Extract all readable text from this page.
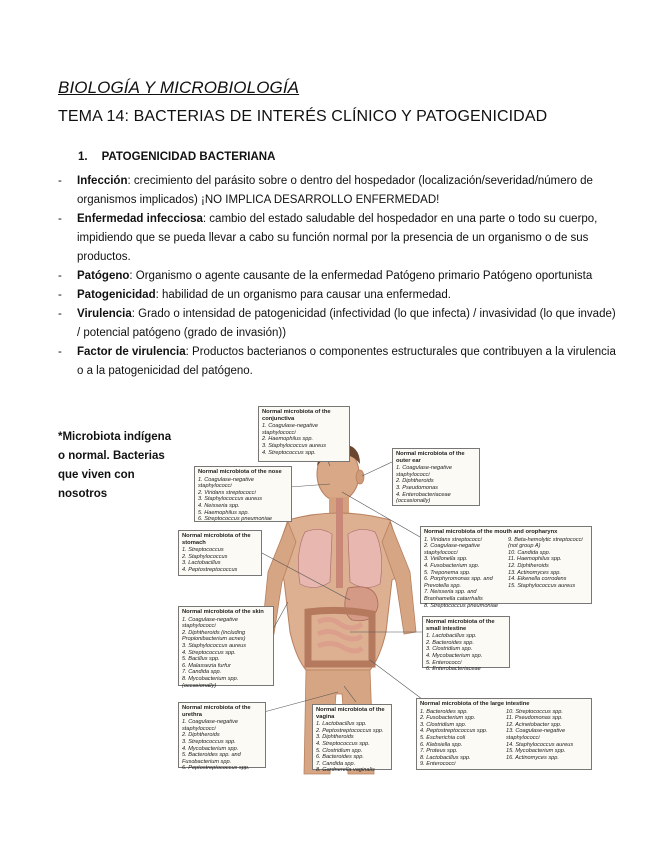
BIOLOGÍA Y MICROBIOLOGÍA
TEMA 14: BACTERIAS DE INTERÉS CLÍNICO Y PATOGENICIDAD
1. PATOGENICIDAD BACTERIANA
- Infección: crecimiento del parásito sobre o dentro del hospedador (localización/severidad/número de organismos implicados) ¡NO IMPLICA DESARROLLO ENFERMEDAD!
- Enfermedad infecciosa: cambio del estado saludable del hospedador en una parte o todo su cuerpo, impidiendo que se pueda llevar a cabo su función normal por la presencia de un organismo o de sus productos.
- Patógeno: Organismo o agente causante de la enfermedad Patógeno primario Patógeno oportunista
- Patogenicidad: habilidad de un organismo para causar una enfermedad.
- Virulencia: Grado o intensidad de patogenicidad (infectividad (lo que infecta) / invasividad (lo que invade) / potencial patógeno (grado de invasión))
- Factor de virulencia: Productos bacterianos o componentes estructurales que contribuyen a la virulencia o a la patogenicidad del patógeno.
*Microbiota indígena o normal. Bacterias que viven con nosotros
Normal microbiota of the conjunctiva
1. Coagulase-negative staphylococci
2. Haemophilus spp.
3. Staphylococcus aureus
4. Streptococcus spp.
Normal microbiota of the nose
1. Coagulase-negative staphylococci
2. Viridans streptococci
3. Staphylococcus aureus
4. Neisseria spp.
5. Haemophilus spp.
6. Streptococcus pneumoniae
Normal microbiota of the outer ear
1. Coagulase-negative staphylococci
2. Diphtheroids
3. Pseudomonas
4. Enterobacteriaceae (occasionally)
Normal microbiota of the stomach
1. Streptococcus
2. Staphylococcus
3. Lactobacillus
4. Peptostreptococcus
Normal microbiota of the mouth and oropharynx
1. Viridans streptococci
2. Coagulase-negative staphylococci
3. Veillonella spp.
4. Fusobacterium spp.
5. Treponema spp.
6. Porphyromonas spp. and Prevotella spp.
7. Neisseria spp. and Branhamella catarrhalis
8. Streptococcus pneumoniae
9. Beta-hemolytic streptococci (not group A)
10. Candida spp.
11. Haemophilus spp.
12. Diphtheroids
13. Actinomyces spp.
14. Eikenella corrodens
15. Staphylococcus aureus
Normal microbiota of the skin
1. Coagulase-negative staphylococci
2. Diphtheroids (including Propionibacterium acnes)
3. Staphylococcus aureus
4. Streptococcus spp.
5. Bacillus spp.
6. Malassezia furfur
7. Candida spp.
8. Mycobacterium spp. (occasionally)
Normal microbiota of the small intestine
1. Lactobacillus spp.
2. Bacteroides spp.
3. Clostridium spp.
4. Mycobacterium spp.
5. Enterococci
6. Enterobacteriaceae
Normal microbiota of the urethra
1. Coagulase-negative staphylococci
2. Diphtheroids
3. Streptococcus spp.
4. Mycobacterium spp.
5. Bacteroides spp. and Fusobacterium spp.
6. Peptostreptococcus spp.
Normal microbiota of the vagina
1. Lactobacillus spp.
2. Peptostreptococcus spp.
3. Diphtheroids
4. Streptococcus spp.
5. Clostridium spp.
6. Bacteroides spp.
7. Candida spp.
8. Gardnerella vaginalis
Normal microbiota of the large intestine
1. Bacteroides spp.
2. Fusobacterium spp.
3. Clostridium spp.
4. Peptostreptococcus spp.
5. Escherichia coli
6. Klebsiella spp.
7. Proteus spp.
8. Lactobacillus spp.
9. Enterococci
10. Streptococcus spp.
11. Pseudomonas spp.
12. Acinetobacter spp.
13. Coagulase-negative staphylococci
14. Staphylococcus aureus
15. Mycobacterium spp.
16. Actinomyces spp.
